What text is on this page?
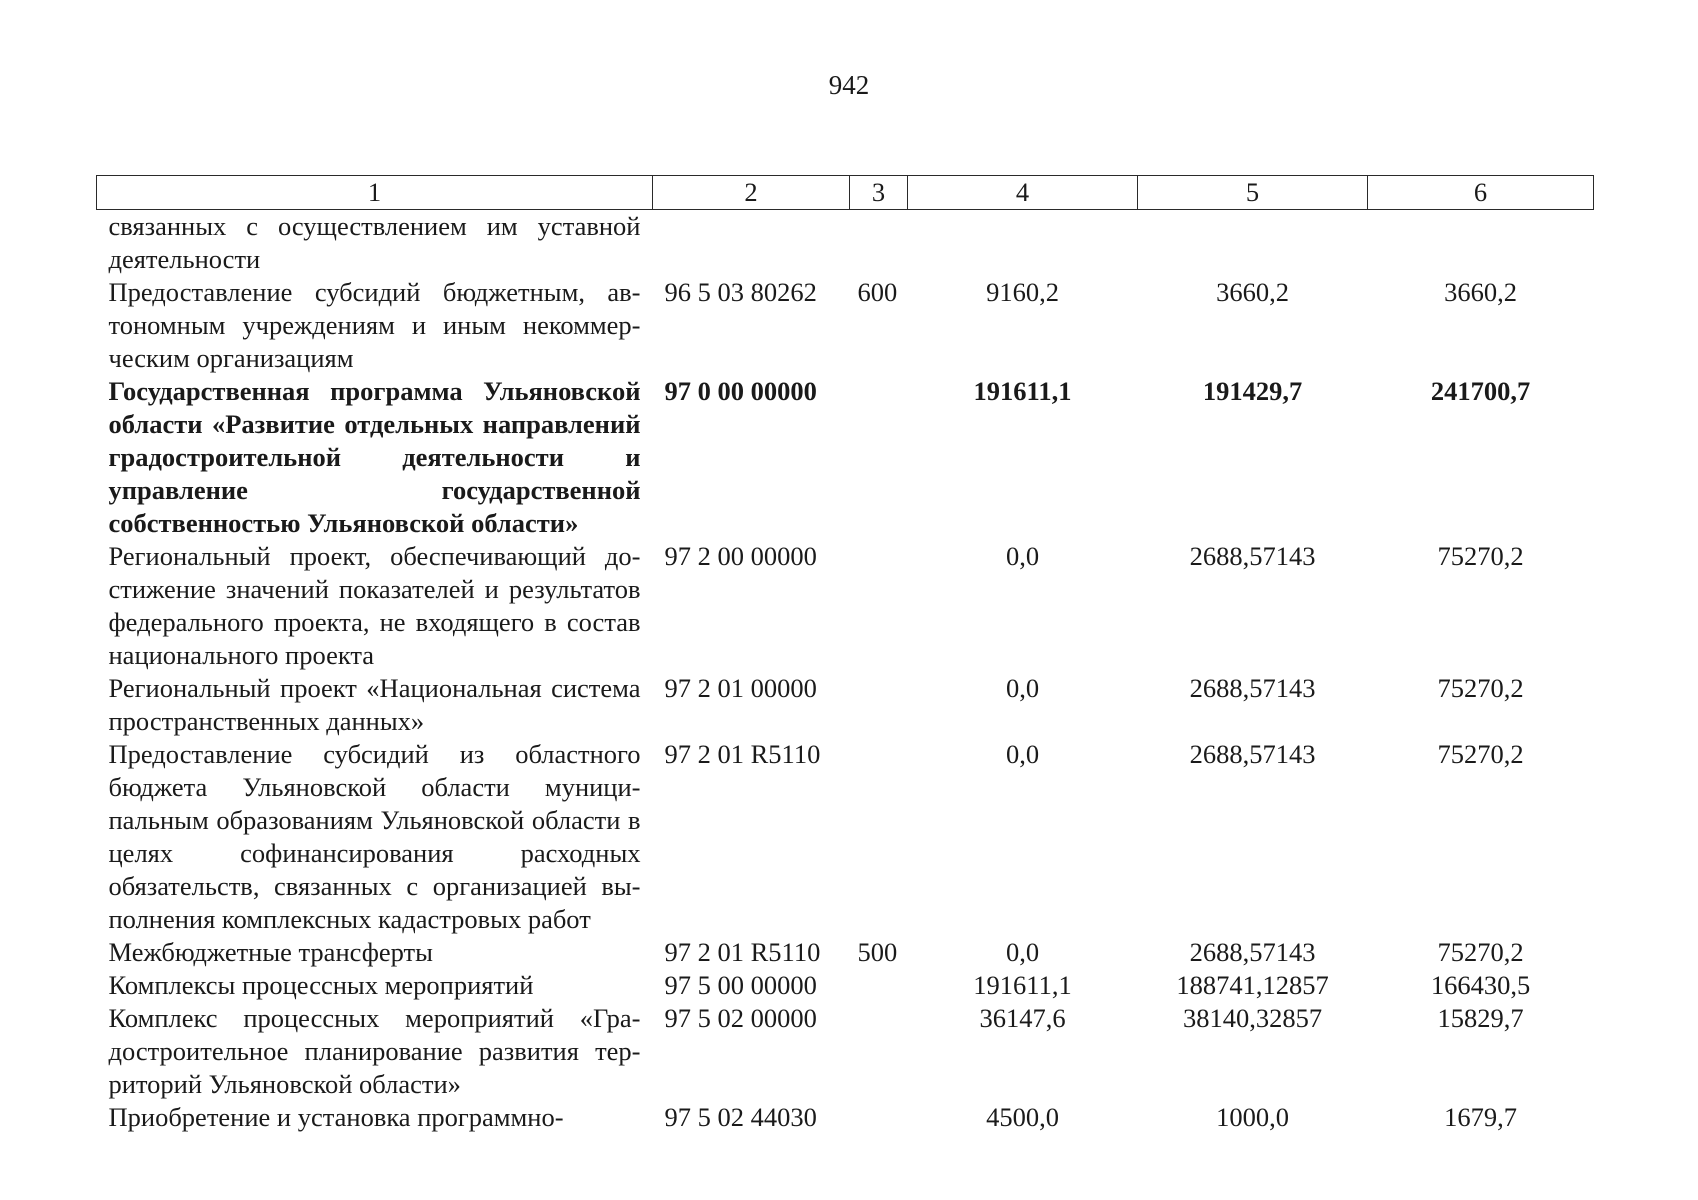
942
1	2	3	4	5	6
связанных с осуществлением им уставной деятельности					
Предоставление субсидий бюджетным, автономным учреждениям и иным некоммерческим организациям	96 5 03 80262	600	9160,2	3660,2	3660,2
Государственная программа Ульяновской области «Развитие отдельных направлений градостроительной деятельности и управление государственной собственностью Ульяновской области»	97 0 00 00000		191611,1	191429,7	241700,7
Региональный проект, обеспечивающий достижение значений показателей и результатов федерального проекта, не входящего в состав национального проекта	97 2 00 00000		0,0	2688,57143	75270,2
Региональный проект «Национальная система пространственных данных»	97 2 01 00000		0,0	2688,57143	75270,2
Предоставление субсидий из областного бюджета Ульяновской области муниципальным образованиям Ульяновской области в целях софинансирования расходных обязательств, связанных с организацией выполнения комплексных кадастровых работ	97 2 01 R5110		0,0	2688,57143	75270,2
Межбюджетные трансферты	97 2 01 R5110	500	0,0	2688,57143	75270,2
Комплексы процессных мероприятий	97 5 00 00000		191611,1	188741,12857	166430,5
Комплекс процессных мероприятий «Градостроительное планирование развития территорий Ульяновской области»	97 5 02 00000		36147,6	38140,32857	15829,7
Приобретение и установка программно-	97 5 02 44030		4500,0	1000,0	1679,7
